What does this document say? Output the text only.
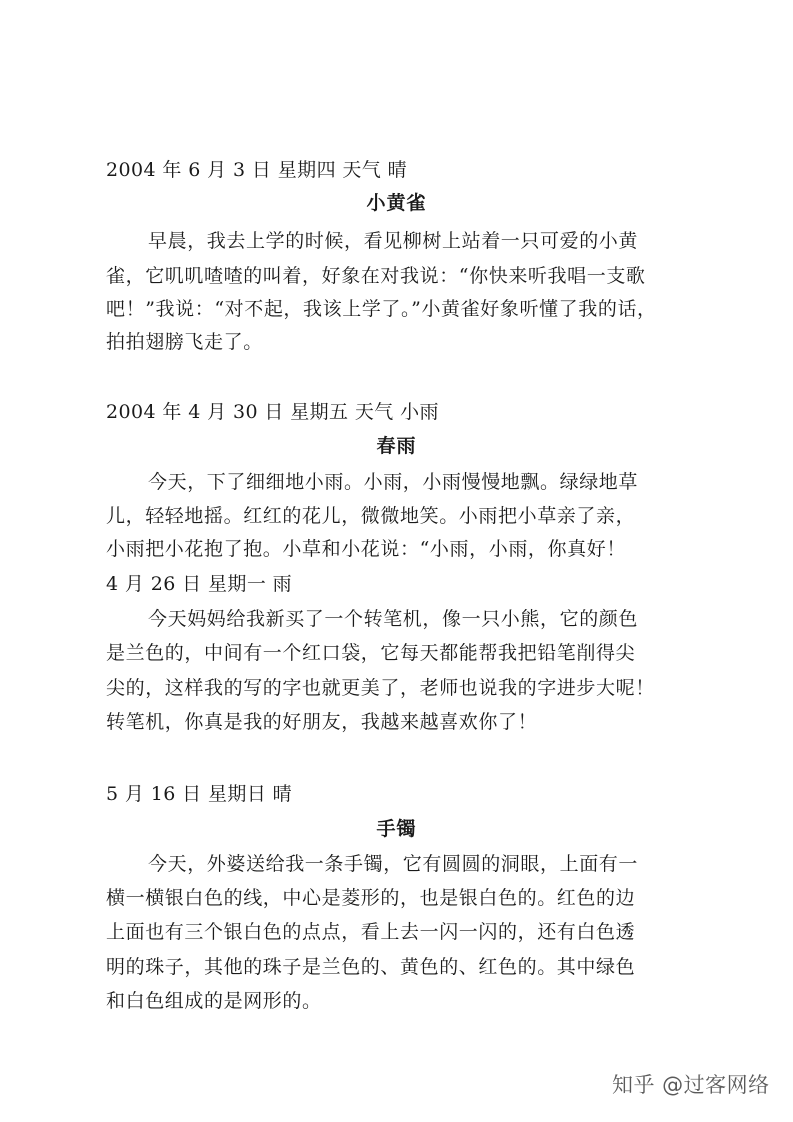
2004 年 6 月 3 日 星期四 天气 晴
小黄雀
早晨，我去上学的时候，看见柳树上站着一只可爱的小黄
雀，它叽叽喳喳的叫着，好象在对我说：“你快来听我唱一支歌
吧！”我说：“对不起，我该上学了。”小黄雀好象听懂了我的话，
拍拍翅膀飞走了。
2004 年 4 月 30 日 星期五 天气 小雨
春雨
今天，下了细细地小雨。小雨，小雨慢慢地飘。绿绿地草
儿，轻轻地摇。红红的花儿，微微地笑。小雨把小草亲了亲，
小雨把小花抱了抱。小草和小花说：“小雨，小雨，你真好！
4 月 26 日 星期一 雨
今天妈妈给我新买了一个转笔机，像一只小熊，它的颜色
是兰色的，中间有一个红口袋，它每天都能帮我把铅笔削得尖
尖的，这样我的写的字也就更美了，老师也说我的字进步大呢！
转笔机，你真是我的好朋友，我越来越喜欢你了！
5 月 16 日 星期日 晴
手镯
今天，外婆送给我一条手镯，它有圆圆的洞眼，上面有一
横一横银白色的线，中心是菱形的，也是银白色的。红色的边
上面也有三个银白色的点点，看上去一闪一闪的，还有白色透
明的珠子，其他的珠子是兰色的、黄色的、红色的。其中绿色
和白色组成的是网形的。
知乎 @过客网络
